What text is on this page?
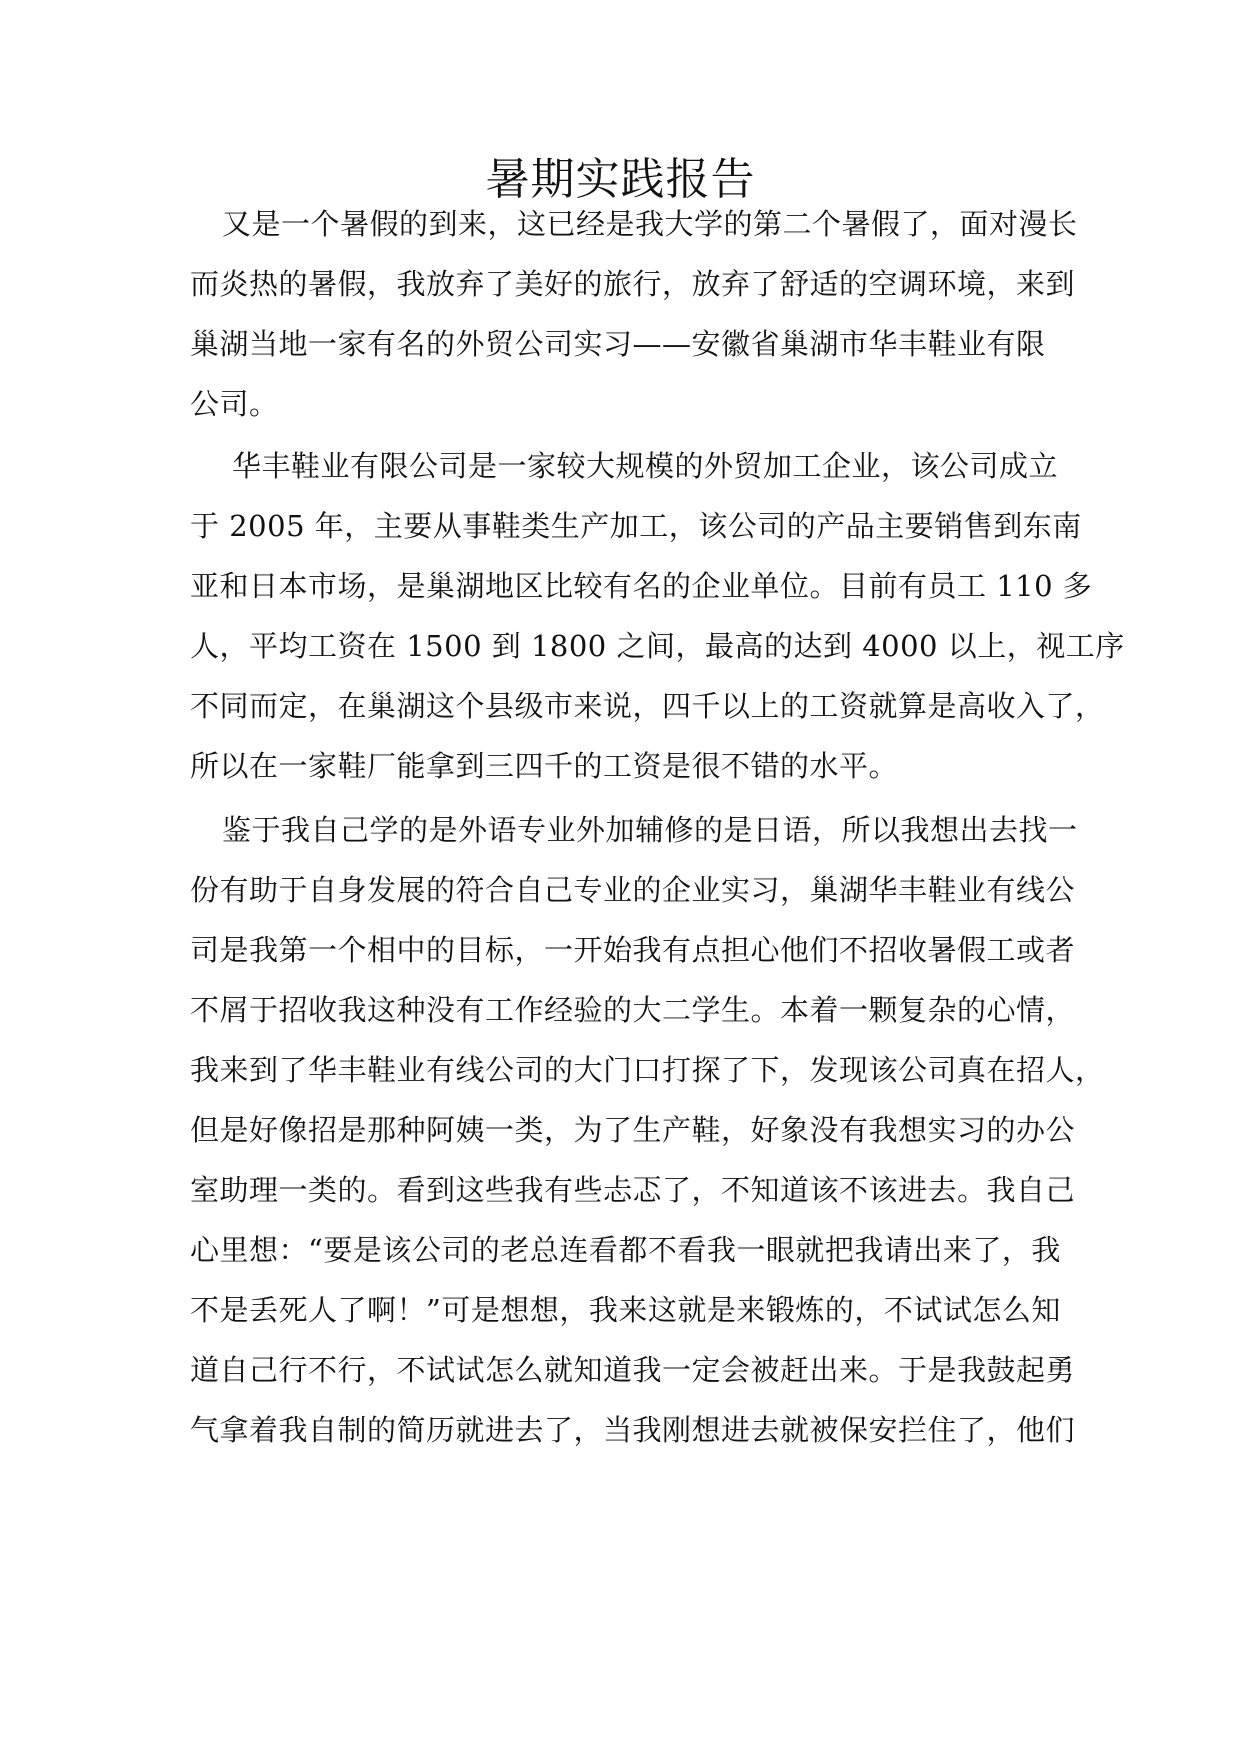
暑期实践报告

又是一个暑假的到来，这已经是我大学的第二个暑假了，面对漫长

而炎热的暑假，我放弃了美好的旅行，放弃了舒适的空调环境，来到

巢湖当地一家有名的外贸公司实习——安徽省巢湖市华丰鞋业有限

公司。

华丰鞋业有限公司是一家较大规模的外贸加工企业，该公司成立

于 2005 年，主要从事鞋类生产加工，该公司的产品主要销售到东南

亚和日本市场，是巢湖地区比较有名的企业单位。目前有员工 110 多

人，平均工资在 1500 到 1800 之间，最高的达到 4000 以上，视工序

不同而定，在巢湖这个县级市来说，四千以上的工资就算是高收入了，

所以在一家鞋厂能拿到三四千的工资是很不错的水平。

鉴于我自己学的是外语专业外加辅修的是日语，所以我想出去找一

份有助于自身发展的符合自己专业的企业实习，巢湖华丰鞋业有线公

司是我第一个相中的目标，一开始我有点担心他们不招收暑假工或者

不屑于招收我这种没有工作经验的大二学生。本着一颗复杂的心情，

我来到了华丰鞋业有线公司的大门口打探了下，发现该公司真在招人，

但是好像招是那种阿姨一类，为了生产鞋，好象没有我想实习的办公

室助理一类的。看到这些我有些忐忑了，不知道该不该进去。我自己

心里想：“要是该公司的老总连看都不看我一眼就把我请出来了，我

不是丢死人了啊！”可是想想，我来这就是来锻炼的，不试试怎么知

道自己行不行，不试试怎么就知道我一定会被赶出来。于是我鼓起勇

气拿着我自制的简历就进去了，当我刚想进去就被保安拦住了，他们
